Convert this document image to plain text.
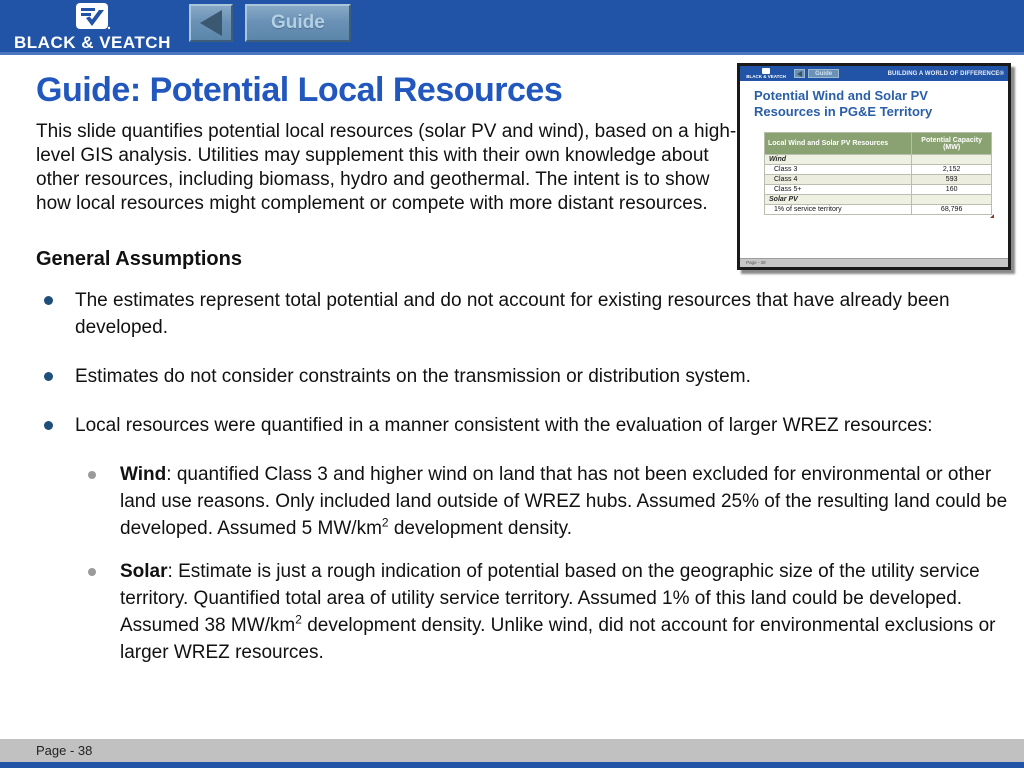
BLACK & VEATCH
Guide
BLACK & VEATCH	Guide	BUILDING A WORLD OF DIFFERENCE®
Potential Wind and Solar PV Resources in PG&E Territory
Local Wind and Solar PV Resources	Potential Capacity
(MW)
Wind	
Class 3	2,152
Class 4	593
Class 5+	160
Solar PV	
1% of service territory	68,796
Page - 38
Guide: Potential Local Resources

This slide quantifies potential local resources (solar PV and wind), based on a high-level GIS analysis. Utilities may supplement this with their own knowledge about other resources, including biomass, hydro and geothermal. The intent is to show how local resources might complement or compete with more distant resources.

General Assumptions
The estimates represent total potential and do not account for existing resources that have already been developed.
Estimates do not consider constraints on the transmission or distribution system.
Local resources were quantified in a manner consistent with the evaluation of larger WREZ resources:
Wind: quantified Class 3 and higher wind on land that has not been excluded for environmental or other land use reasons. Only included land outside of WREZ hubs. Assumed 25% of the resulting land could be developed. Assumed 5 $MW/km^2$ development density.
Solar: Estimate is just a rough indication of potential based on the geographic size of the utility service territory. Quantified total area of utility service territory. Assumed 1% of this land could be developed. Assumed 38 $MW/km^2$ development density. Unlike wind, did not account for environmental exclusions or larger WREZ resources.
Page - 38
